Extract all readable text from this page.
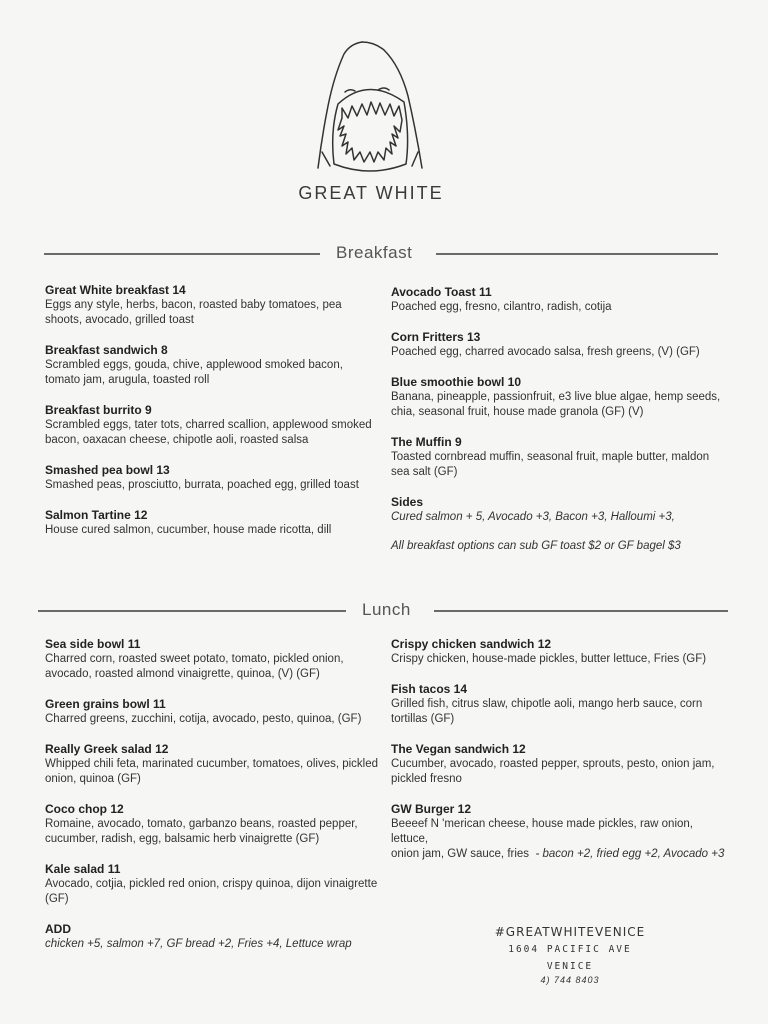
GREAT WHITE
Breakfast
Great White breakfast 14
Eggs any style, herbs, bacon, roasted baby tomatoes, pea shoots, avocado, grilled toast
Breakfast sandwich 8
Scrambled eggs, gouda, chive, applewood smoked bacon, tomato jam, arugula, toasted roll
Breakfast burrito 9
Scrambled eggs, tater tots, charred scallion, applewood smoked bacon, oaxacan cheese, chipotle aoli, roasted salsa
Smashed pea bowl 13
Smashed peas, prosciutto, burrata, poached egg, grilled toast
Salmon Tartine 12
House cured salmon, cucumber, house made ricotta, dill
Avocado Toast 11
Poached egg, fresno, cilantro, radish, cotija
Corn Fritters 13
Poached egg, charred avocado salsa, fresh greens, (V) (GF)
Blue smoothie bowl 10
Banana, pineapple, passionfruit, e3 live blue algae, hemp seeds, chia, seasonal fruit, house made granola (GF) (V)
The Muffin 9
Toasted cornbread muffin, seasonal fruit, maple butter, maldon sea salt (GF)
Sides
Cured salmon + 5, Avocado +3, Bacon +3, Halloumi +3,
All breakfast options can sub GF toast $2 or GF bagel $3
Lunch
Sea side bowl 11
Charred corn, roasted sweet potato, tomato, pickled onion, avocado, roasted almond vinaigrette, quinoa, (V) (GF)
Green grains bowl 11
Charred greens, zucchini, cotija, avocado, pesto, quinoa, (GF)
Really Greek salad 12
Whipped chili feta, marinated cucumber, tomatoes, olives, pickled onion, quinoa (GF)
Coco chop 12
Romaine, avocado, tomato, garbanzo beans, roasted pepper, cucumber, radish, egg, balsamic herb vinaigrette (GF)
Kale salad 11
Avocado, cotjia, pickled red onion, crispy quinoa, dijon vinaigrette (GF)
ADD
chicken +5, salmon +7, GF bread +2, Fries +4, Lettuce wrap
Crispy chicken sandwich 12
Crispy chicken, house-made pickles, butter lettuce, Fries (GF)
Fish tacos 14
Grilled fish, citrus slaw, chipotle aoli, mango herb sauce, corn tortillas (GF)
The Vegan sandwich 12
Cucumber, avocado, roasted pepper, sprouts, pesto, onion jam, pickled fresno
GW Burger 12
Beeeef N 'merican cheese, house made pickles, raw onion, lettuce,
onion jam, GW sauce, fries - bacon +2, fried egg +2, Avocado +3
#GREATWHITEVENICE
1604 PACIFIC AVE
VENICE
4) 744 8403
